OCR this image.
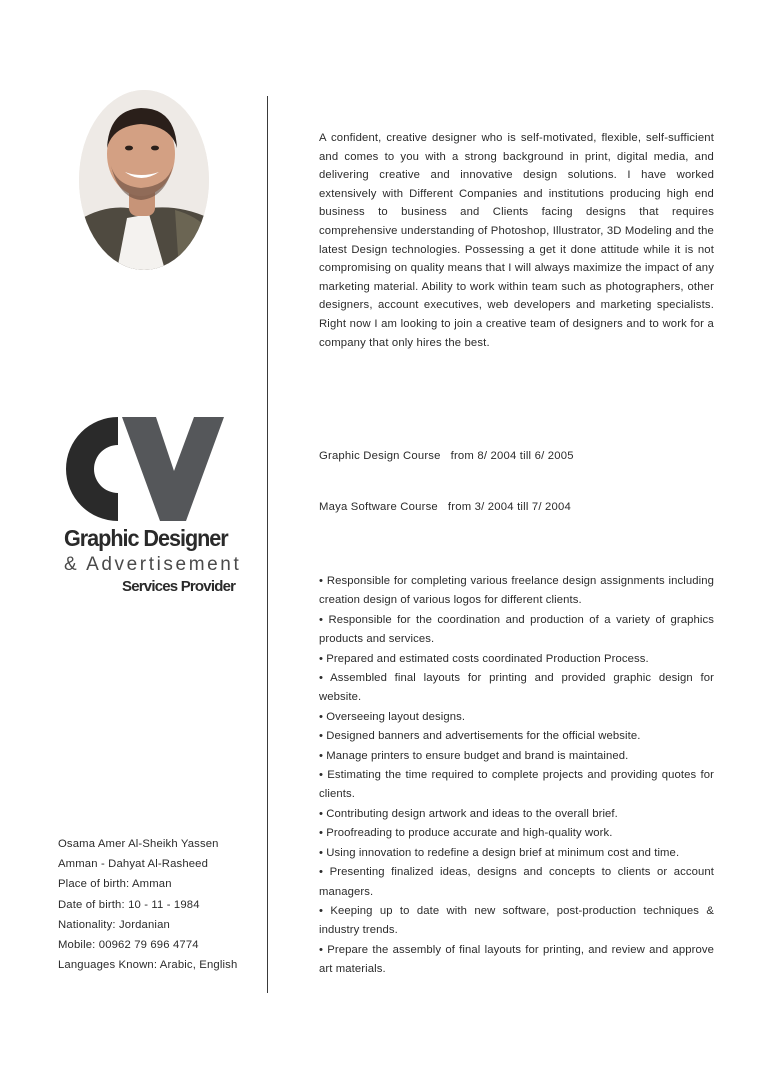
Graphic Designer
& Advertisement
Services Provider

A confident, creative designer who is self-motivated, flexible, self-sufficient and comes to you with a strong background in print, digital media, and delivering creative and innovative design solutions. I have worked extensively with Different Companies and institutions producing high end business to business and Clients facing designs that requires comprehensive understanding of Photoshop, Illustrator, 3D Modeling and the latest Design technologies. Possessing a get it done attitude while it is not compromising on quality means that I will always maximize the impact of any marketing material. Ability to work within team such as photographers, other designers, account executives, web developers and marketing specialists. Right now I am looking to join a creative team of designers and to work for a company that only hires the best.

Graphic Design Course   from 8/ 2004 till 6/ 2005
Maya Software Course   from 3/ 2004 till 7/ 2004
• Responsible for completing various freelance design assignments including creation design of various logos for different clients.
• Responsible for the coordination and production of a variety of graphics products and services.
• Prepared and estimated costs coordinated Production Process.
• Assembled final layouts for printing and provided graphic design for website.
• Overseeing layout designs.
• Designed banners and advertisements for the official website.
• Manage printers to ensure budget and brand is maintained.
• Estimating the time required to complete projects and providing quotes for clients.
• Contributing design artwork and ideas to the overall brief.
• Proofreading to produce accurate and high-quality work.
• Using innovation to redefine a design brief at minimum cost and time.
• Presenting finalized ideas, designs and concepts to clients or account managers.
• Keeping up to date with new software, post-production techniques & industry trends.
• Prepare the assembly of final layouts for printing, and review and approve art materials.
Osama Amer Al-Sheikh Yassen
Amman - Dahyat Al-Rasheed
Place of birth: Amman
Date of birth: 10 - 11 - 1984
Nationality: Jordanian
Mobile: 00962 79 696 4774
Languages Known: Arabic, English
